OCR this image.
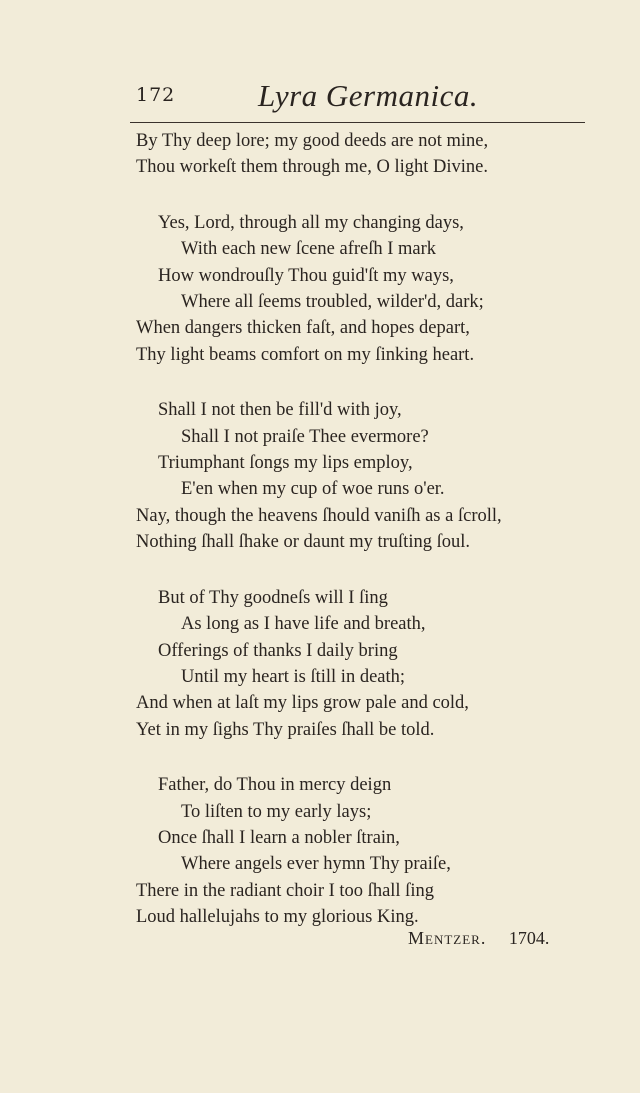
172	Lyra Germanica.
By Thy deep lore; my good deeds are not mine,
Thou workeſt them through me, O light Divine.
Yes, Lord, through all my changing days,
With each new ſcene afreſh I mark
How wondrouſly Thou guid'ſt my ways,
Where all ſeems troubled, wilder'd, dark;
When dangers thicken faſt, and hopes depart,
Thy light beams comfort on my ſinking heart.
Shall I not then be fill'd with joy,
Shall I not praiſe Thee evermore?
Triumphant ſongs my lips employ,
E'en when my cup of woe runs o'er.
Nay, though the heavens ſhould vaniſh as a ſcroll,
Nothing ſhall ſhake or daunt my truſting ſoul.
But of Thy goodneſs will I ſing
As long as I have life and breath,
Offerings of thanks I daily bring
Until my heart is ſtill in death;
And when at laſt my lips grow pale and cold,
Yet in my ſighs Thy praiſes ſhall be told.
Father, do Thou in mercy deign
To liſten to my early lays;
Once ſhall I learn a nobler ſtrain,
Where angels ever hymn Thy praiſe,
There in the radiant choir I too ſhall ſing
Loud hallelujahs to my glorious King.
Mentzer. 1704.
